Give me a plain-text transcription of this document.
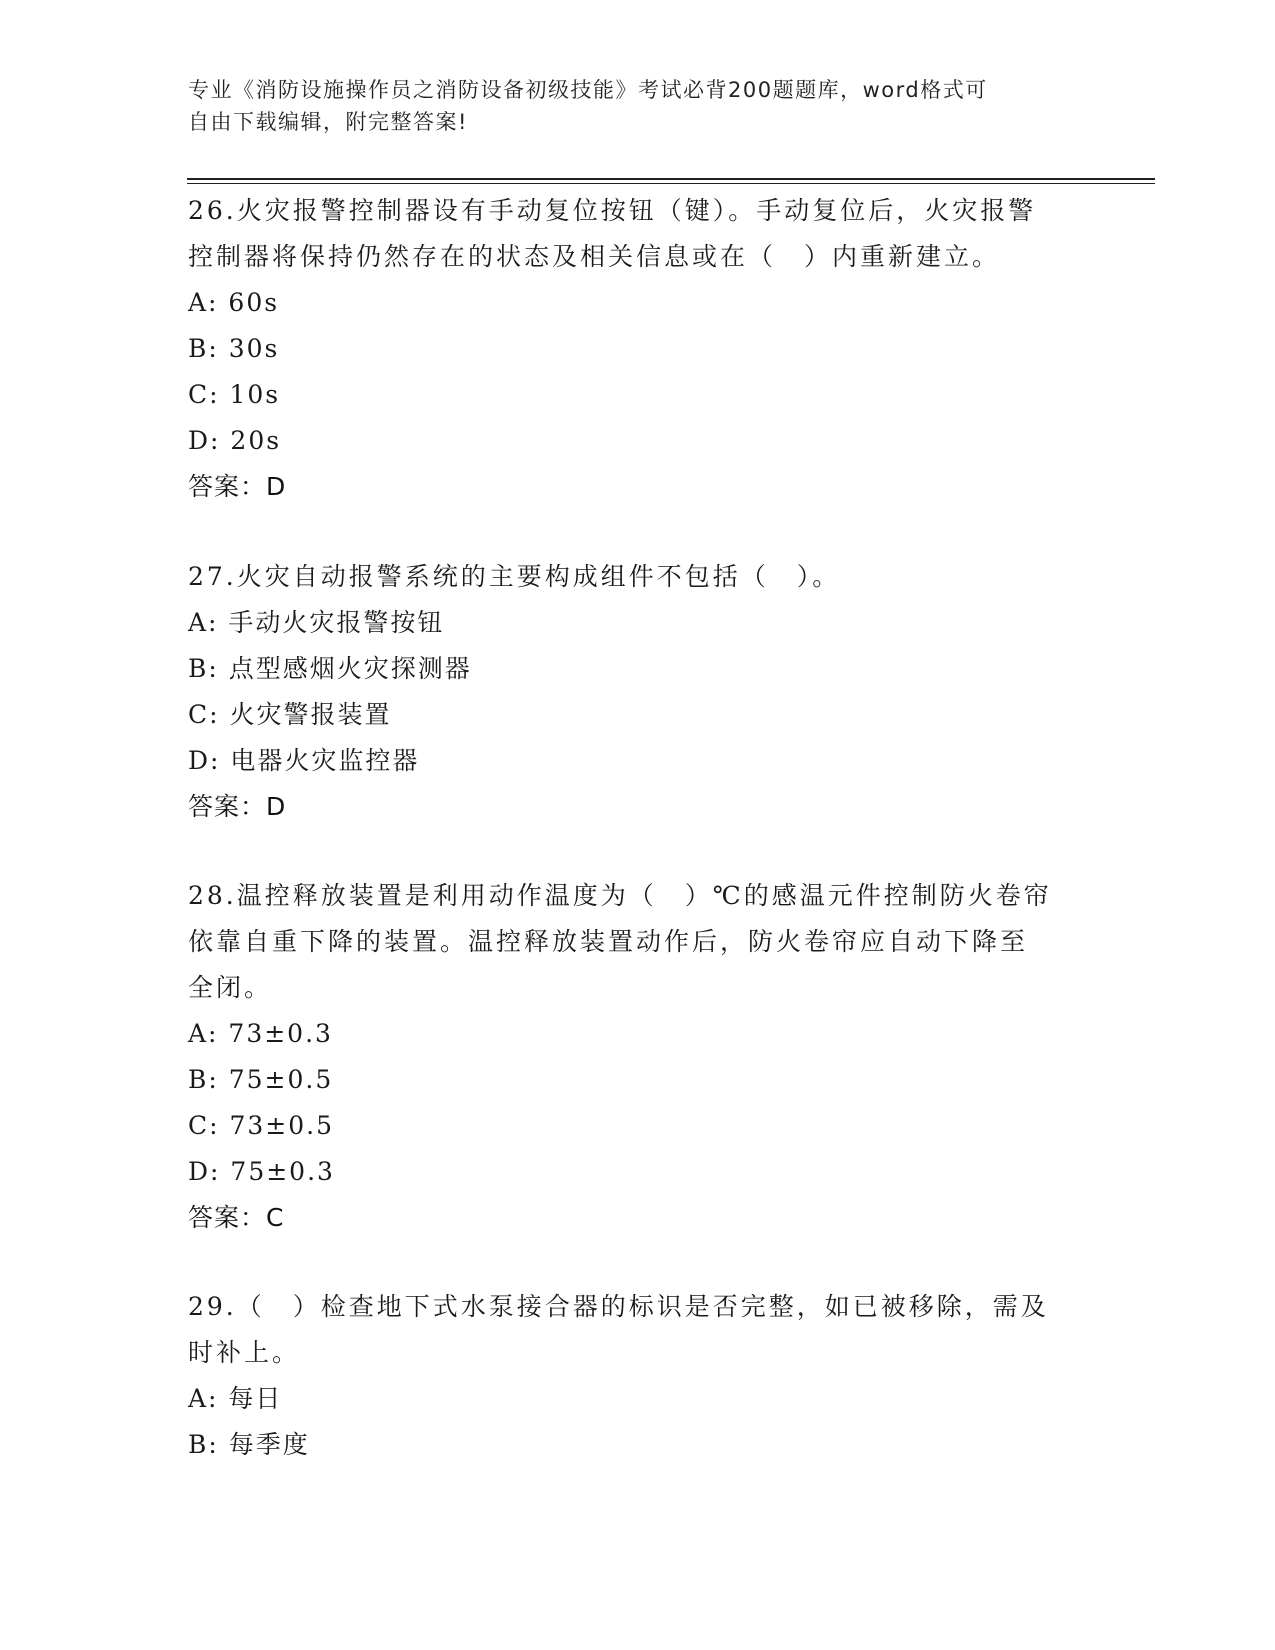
专业《消防设施操作员之消防设备初级技能》考试必背200题题库，word格式可
自由下载编辑，附完整答案!

26.火灾报警控制器设有手动复位按钮（键）。手动复位后，火灾报警

控制器将保持仍然存在的状态及相关信息或在（　）内重新建立。

A: 60s

B: 30s

C: 10s

D: 20s

答案：D

27.火灾自动报警系统的主要构成组件不包括（　）。

A: 手动火灾报警按钮

B: 点型感烟火灾探测器

C: 火灾警报装置

D: 电器火灾监控器

答案：D

28.温控释放装置是利用动作温度为（　）℃的感温元件控制防火卷帘

依靠自重下降的装置。温控释放装置动作后，防火卷帘应自动下降至

全闭。

A: 73±0.3

B: 75±0.5

C: 73±0.5

D: 75±0.3

答案：C

29.（　）检查地下式水泵接合器的标识是否完整，如已被移除，需及

时补上。

A: 每日

B: 每季度
